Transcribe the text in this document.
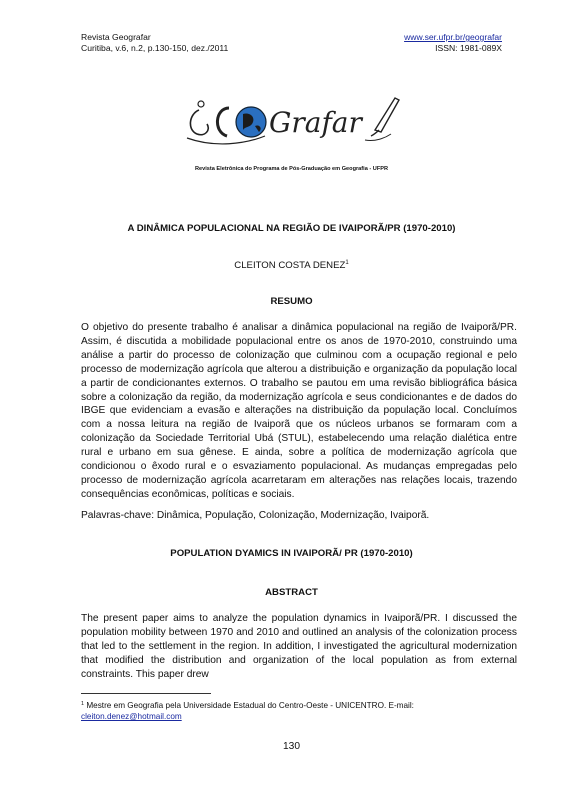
Revista Geografar	www.ser.ufpr.br/geografar
Curitiba, v.6, n.2, p.130-150, dez./2011	ISSN: 1981-089X
Grafar
Revista Eletrônica do Programa de Pós-Graduação em Geografia - UFPR
A DINÂMICA POPULACIONAL NA REGIÃO DE IVAIPORÃ/PR (1970-2010)
CLEITON COSTA DENEZ$^1$
RESUMO

O objetivo do presente trabalho é analisar a dinâmica populacional na região de Ivaiporã/PR. Assim, é discutida a mobilidade populacional entre os anos de 1970-2010, construindo uma análise a partir do processo de colonização que culminou com a ocupação regional e pelo processo de modernização agrícola que alterou a distribuição e organização da população local a partir de condicionantes externos. O trabalho se pautou em uma revisão bibliográfica básica sobre a colonização da região, da modernização agrícola e seus condicionantes e de dados do IBGE que evidenciam a evasão e alterações na distribuição da população local. Concluímos com a nossa leitura na região de Ivaiporã que os núcleos urbanos se formaram com a colonização da Sociedade Territorial Ubá (STUL), estabelecendo uma relação dialética entre rural e urbano em sua gênese. E ainda, sobre a política de modernização agrícola que condicionou o êxodo rural e o esvaziamento populacional. As mudanças empregadas pelo processo de modernização agrícola acarretaram em alterações nas relações locais, trazendo consequências econômicas, políticas e sociais.

Palavras-chave: Dinâmica, População, Colonização, Modernização, Ivaiporã.
POPULATION DYAMICS IN IVAIPORÃ/ PR (1970-2010)
ABSTRACT

The present paper aims to analyze the population dynamics in Ivaiporã/PR. I discussed the population mobility between 1970 and 2010 and outlined an analysis of the colonization process that led to the settlement in the region. In addition, I investigated the agricultural modernization that modified the distribution and organization of the local population as from external constraints. This paper drew

$^1$ Mestre em Geografia pela Universidade Estadual do Centro-Oeste - UNICENTRO. E-mail:
cleiton.denez@hotmail.com
130
